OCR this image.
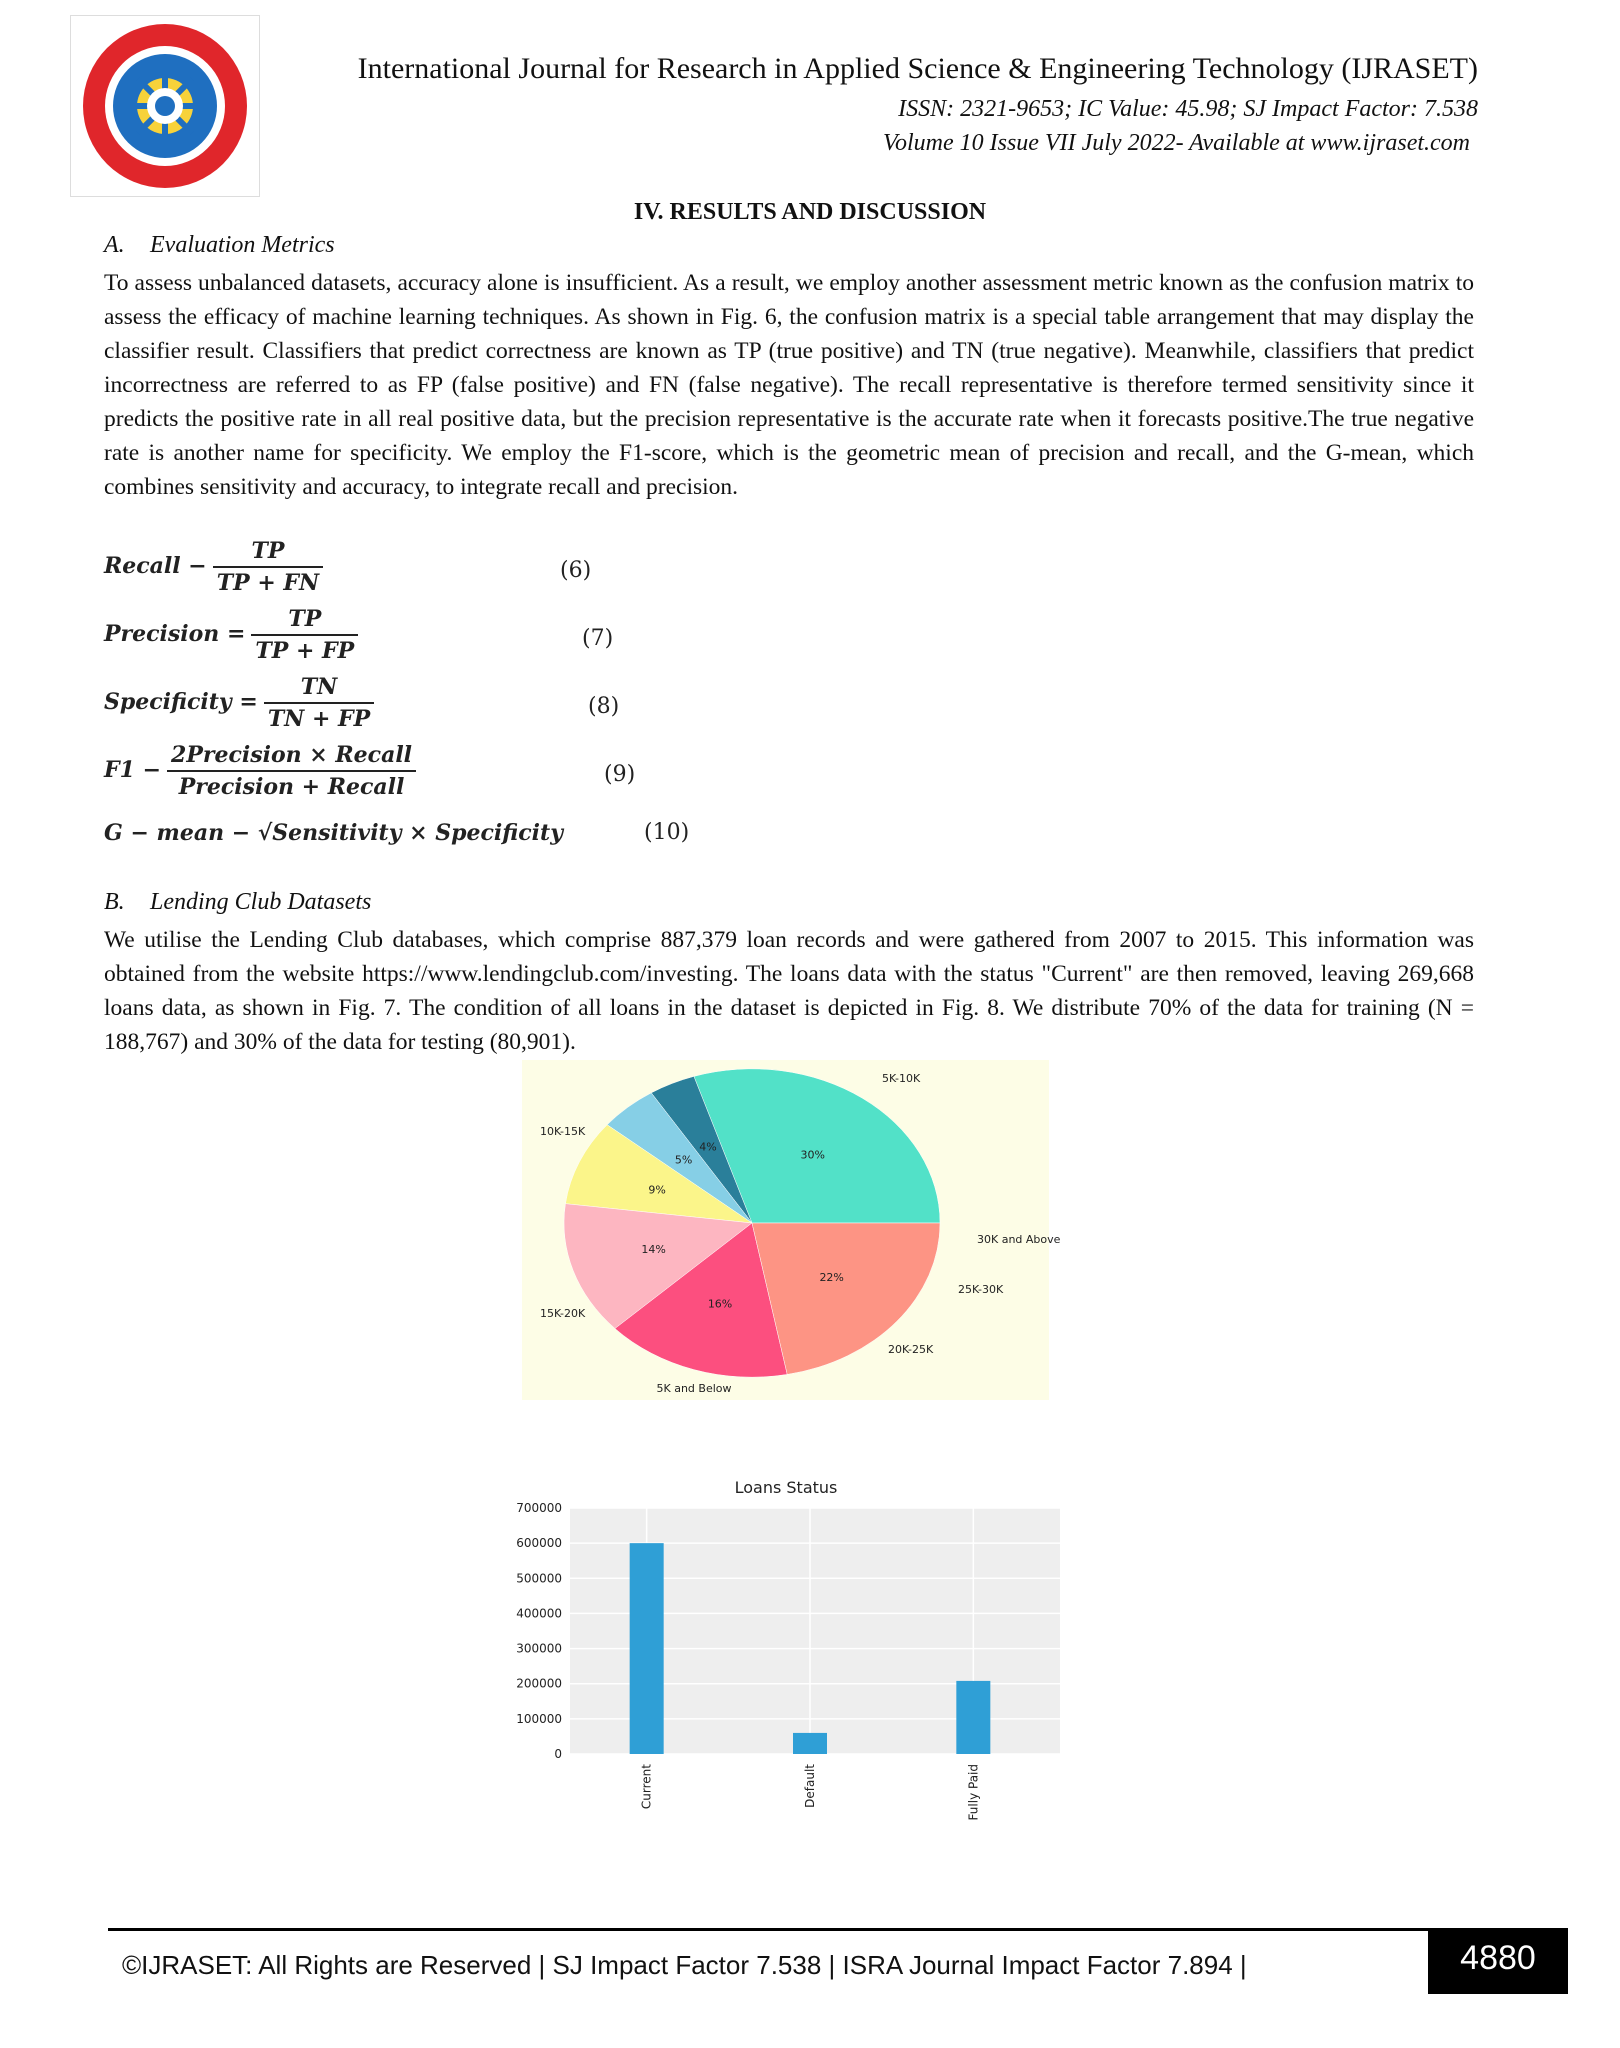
International Journal for Research in Applied Science & Engineering Technology (IJRASET)
ISSN: 2321-9653; IC Value: 45.98; SJ Impact Factor: 7.538
Volume 10 Issue VII July 2022- Available at www.ijraset.com
IV. RESULTS AND DISCUSSION
A. Evaluation Metrics
To assess unbalanced datasets, accuracy alone is insufficient. As a result, we employ another assessment metric known as the confusion matrix to assess the efficacy of machine learning techniques. As shown in Fig. 6, the confusion matrix is a special table arrangement that may display the classifier result. Classifiers that predict correctness are known as TP (true positive) and TN (true negative). Meanwhile, classifiers that predict incorrectness are referred to as FP (false positive) and FN (false negative). The recall representative is therefore termed sensitivity since it predicts the positive rate in all real positive data, but the precision representative is the accurate rate when it forecasts positive.The true negative rate is another name for specificity. We employ the F1-score, which is the geometric mean of precision and recall, and the G-mean, which combines sensitivity and accuracy, to integrate recall and precision.
Recall − $\frac{TP}{TP + FN}$	(6)
Precision = $\frac{TP}{TP + FP}$	(7)
Specificity = $\frac{TN}{TN + FP}$	(8)
$F1 - \frac{\text{2Precision × Recall}}{\text{Precision + Recall}}$	(9)
G − mean − √Sensitivity × Specificity	(10)
B. Lending Club Datasets
We utilise the Lending Club databases, which comprise 887,379 loan records and were gathered from 2007 to 2015. This information was obtained from the website https://www.lendingclub.com/investing. The loans data with the status "Current" are then removed, leaving 269,668 loans data, as shown in Fig. 7. The condition of all loans in the dataset is depicted in Fig. 8. We distribute 70% of the data for training (N = 188,767) and 30% of the data for testing (80,901).
30%
5K-10K
4%
30K and Above
5%
25K-30K
9%
20K-25K
14%
5K and Below
16%
15K-20K
22%
10K-15K
Loans Status
0
100000
200000
300000
400000
500000
600000
700000
Current	Default	Fully Paid
©IJRASET: All Rights are Reserved | SJ Impact Factor 7.538 | ISRA Journal Impact Factor 7.894 |	4880
